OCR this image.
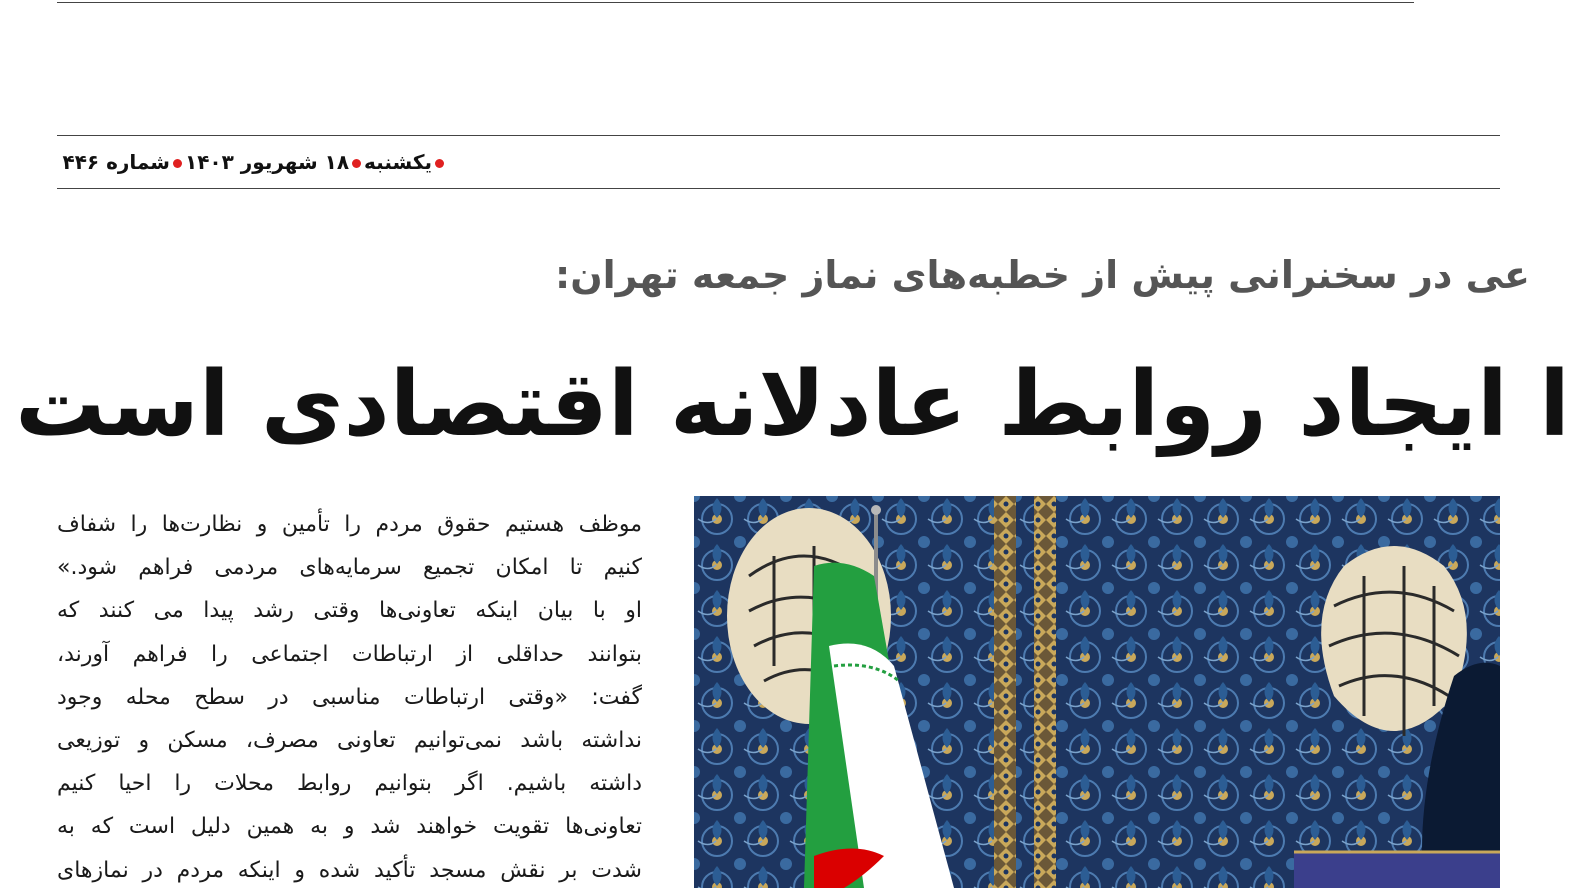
یکشنبه۱۸ شهریور ۱۴۰۳شماره ۴۴۶
عی در سخنرانی پیش از خطبه‌های نماز جمعه تهران:
ا ایجاد روابط عادلانه اقتصادی است
موظف هستیم حقوق مردم را تأمین و نظارت‌ها را شفاف
کنیم تا امکان تجمیع سرمایه‌های مردمی فراهم شود.»
او با بیان اینکه تعاونی‌ها وقتی رشد پیدا می کنند که
بتوانند حداقلی از ارتباطات اجتماعی را فراهم آورند،
گفت: «وقتی ارتباطات مناسبی در سطح محله وجود
نداشته باشد نمی‌توانیم تعاونی مصرف، مسکن و توزیعی
داشته باشیم. اگر بتوانیم روابط محلات را احیا کنیم
تعاونی‌ها تقویت خواهند شد و به همین دلیل است که به
شدت بر نقش مسجد تأکید شده و اینکه مردم در نمازهای
